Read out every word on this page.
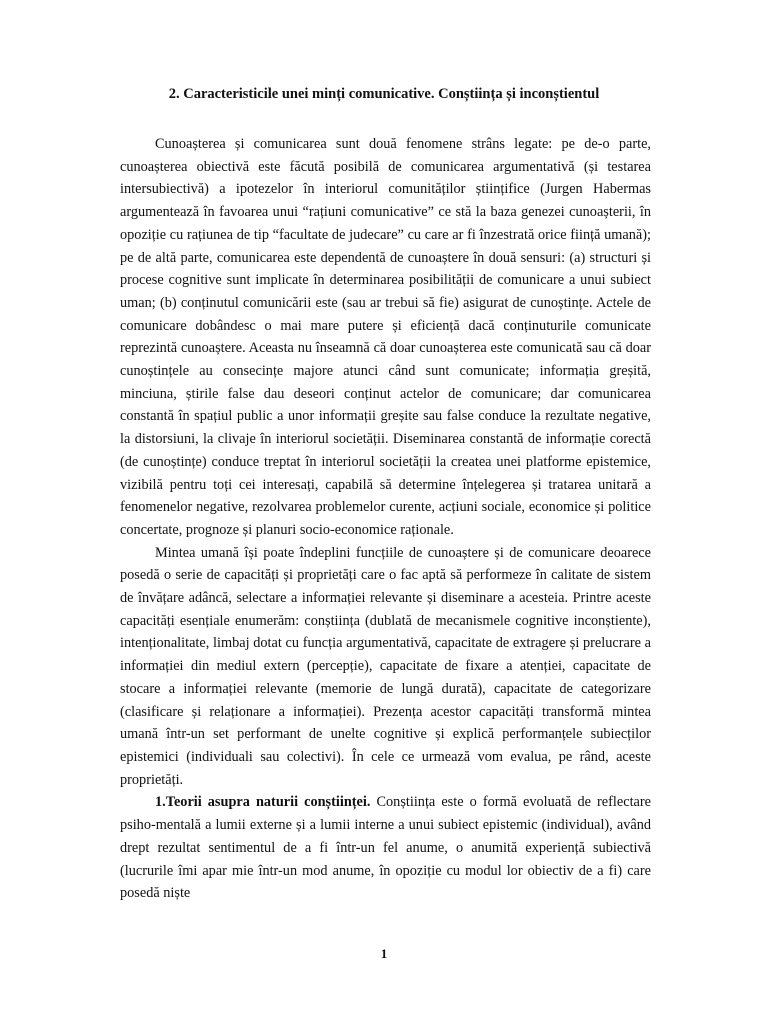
2. Caracteristicile unei minți comunicative. Conștiința și inconștientul

Cunoașterea și comunicarea sunt două fenomene strâns legate: pe de-o parte, cunoașterea obiectivă este făcută posibilă de comunicarea argumentativă (și testarea intersubiectivă) a ipotezelor în interiorul comunităților științifice (Jurgen Habermas argumentează în favoarea unui “rațiuni comunicative” ce stă la baza genezei cunoașterii, în opoziție cu rațiunea de tip “facultate de judecare” cu care ar fi înzestrată orice ființă umană); pe de altă parte, comunicarea este dependentă de cunoaștere în două sensuri: (a) structuri și procese cognitive sunt implicate în determinarea posibilității de comunicare a unui subiect uman; (b) conținutul comunicării este (sau ar trebui să fie) asigurat de cunoștințe. Actele de comunicare dobândesc o mai mare putere și eficiență dacă conținuturile comunicate reprezintă cunoaștere. Aceasta nu înseamnă că doar cunoașterea este comunicată sau că doar cunoștințele au consecințe majore atunci când sunt comunicate; informația greșită, minciuna, știrile false dau deseori conținut actelor de comunicare; dar comunicarea constantă în spațiul public a unor informații greșite sau false conduce la rezultate negative, la distorsiuni, la clivaje în interiorul societății. Diseminarea constantă de informație corectă (de cunoștințe) conduce treptat în interiorul societății la createa unei platforme epistemice, vizibilă pentru toți cei interesați, capabilă să determine înțelegerea și tratarea unitară a fenomenelor negative, rezolvarea problemelor curente, acțiuni sociale, economice și politice concertate, prognoze și planuri socio-economice raționale.

Mintea umană își poate îndeplini funcțiile de cunoaștere și de comunicare deoarece posedă o serie de capacități și proprietăți care o fac aptă să performeze în calitate de sistem de învățare adâncă, selectare a informației relevante și diseminare a acesteia. Printre aceste capacități esențiale enumerăm: conștiința (dublată de mecanismele cognitive inconștiente), intenționalitate, limbaj dotat cu funcția argumentativă, capacitate de extragere și prelucrare a informației din mediul extern (percepție), capacitate de fixare a atenției, capacitate de stocare a informației relevante (memorie de lungă durată), capacitate de categorizare (clasificare și relaționare a informației). Prezența acestor capacități transformă mintea umană într-un set performant de unelte cognitive și explică performanțele subiecților epistemici (individuali sau colectivi). În cele ce urmează vom evalua, pe rând, aceste proprietăți.

1.Teorii asupra naturii conștiinței. Conștiința este o formă evoluată de reflectare psiho-mentală a lumii externe și a lumii interne a unui subiect epistemic (individual), având drept rezultat sentimentul de a fi într-un fel anume, o anumită experiență subiectivă (lucrurile îmi apar mie într-un mod anume, în opoziție cu modul lor obiectiv de a fi) care posedă niște

1
